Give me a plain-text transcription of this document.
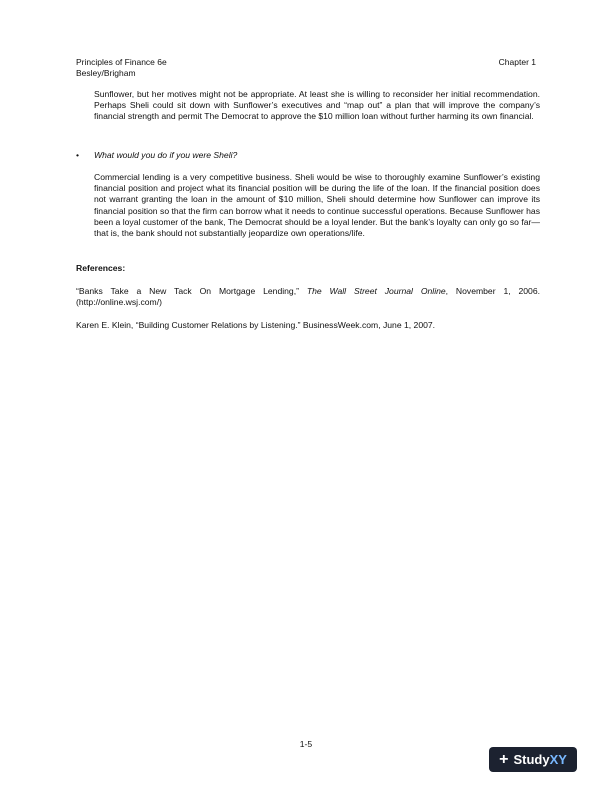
Principles of Finance 6e
Besley/Brigham
Chapter 1
Sunflower, but her motives might not be appropriate. At least she is willing to reconsider her initial recommendation. Perhaps Sheli could sit down with Sunflower’s executives and “map out” a plan that will improve the company’s financial strength and permit The Democrat to approve the $10 million loan without further harming its own financial.
• What would you do if you were Sheli?
Commercial lending is a very competitive business. Sheli would be wise to thoroughly examine Sunflower’s existing financial position and project what its financial position will be during the life of the loan. If the financial position does not warrant granting the loan in the amount of $10 million, Sheli should determine how Sunflower can improve its financial position so that the firm can borrow what it needs to continue successful operations. Because Sunflower has been a loyal customer of the bank, The Democrat should be a loyal lender. But the bank’s loyalty can only go so far—that is, the bank should not substantially jeopardize own operations/life.
References:
“Banks Take a New Tack On Mortgage Lending,” The Wall Street Journal Online, November 1, 2006. (http://online.wsj.com/)
Karen E. Klein, “Building Customer Relations by Listening.” BusinessWeek.com, June 1, 2007.
1-5
+ Study XY
